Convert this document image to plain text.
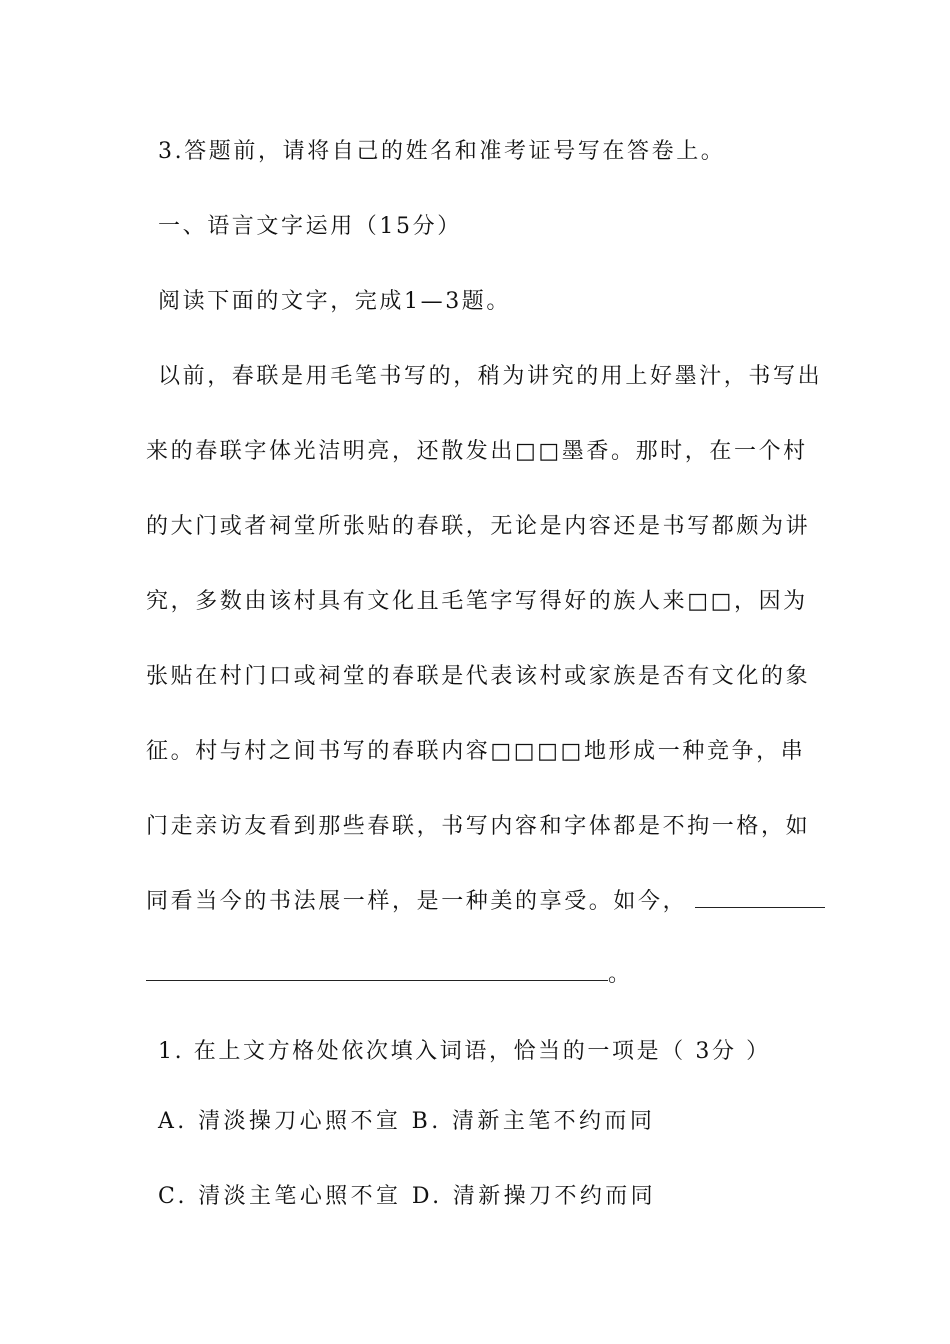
3.答题前，请将自己的姓名和准考证号写在答卷上。
一、语言文字运用（15分）
阅读下面的文字，完成1—3题。
以前，春联是用毛笔书写的，稍为讲究的用上好墨汁，书写出
来的春联字体光洁明亮，还散发出□□墨香。那时，在一个村
的大门或者祠堂所张贴的春联，无论是内容还是书写都颇为讲
究，多数由该村具有文化且毛笔字写得好的族人来□□，因为
张贴在村门口或祠堂的春联是代表该村或家族是否有文化的象
征。村与村之间书写的春联内容□□□□地形成一种竞争，串
门走亲访友看到那些春联，书写内容和字体都是不拘一格，如
同看当今的书法展一样，是一种美的享受。如今，
。
1. 在上文方格处依次填入词语，恰当的一项是（ 3分 ）
A. 清淡操刀心照不宣 B. 清新主笔不约而同
C. 清淡主笔心照不宣 D. 清新操刀不约而同
